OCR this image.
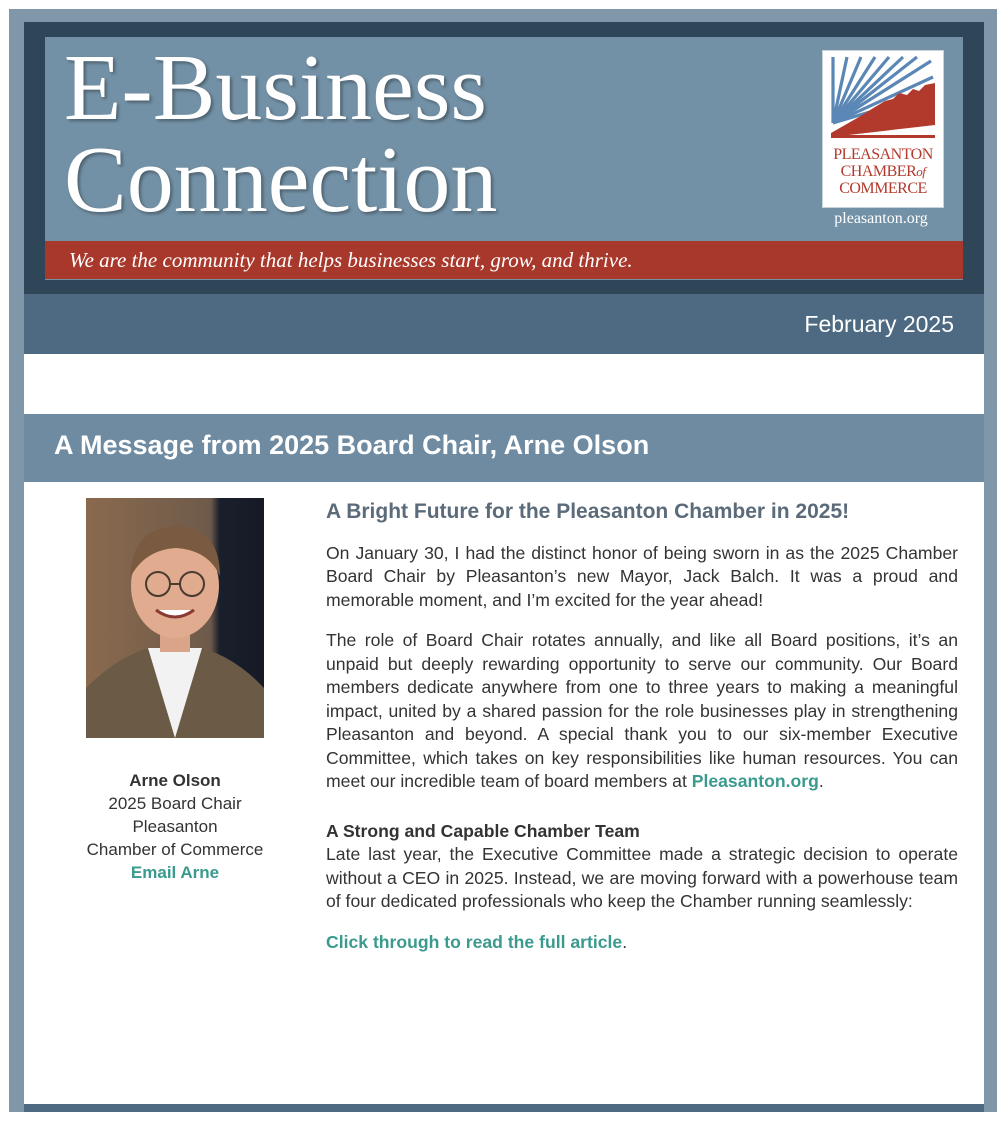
E-Business
Connection	PLEASANTON
CHAMBERof
COMMERCE
pleasanton.org
We are the community that helps businesses start, grow, and thrive.
February 2025
A Message from 2025 Board Chair, Arne Olson
Arne Olson
2025 Board Chair
Pleasanton
Chamber of Commerce
Email Arne
A Bright Future for the Pleasanton Chamber in 2025!

On January 30, I had the distinct honor of being sworn in as the 2025 Chamber Board Chair by Pleasanton’s new Mayor, Jack Balch. It was a proud and memorable moment, and I’m excited for the year ahead!

The role of Board Chair rotates annually, and like all Board positions, it’s an unpaid but deeply rewarding opportunity to serve our community. Our Board members dedicate anywhere from one to three years to making a meaningful impact, united by a shared passion for the role businesses play in strengthening Pleasanton and beyond. A special thank you to our six-member Executive Committee, which takes on key responsibilities like human resources. You can meet our incredible team of board members at Pleasanton.org.

A Strong and Capable Chamber Team
Late last year, the Executive Committee made a strategic decision to operate without a CEO in 2025. Instead, we are moving forward with a powerhouse team of four dedicated professionals who keep the Chamber running seamlessly:

Click through to read the full article.
